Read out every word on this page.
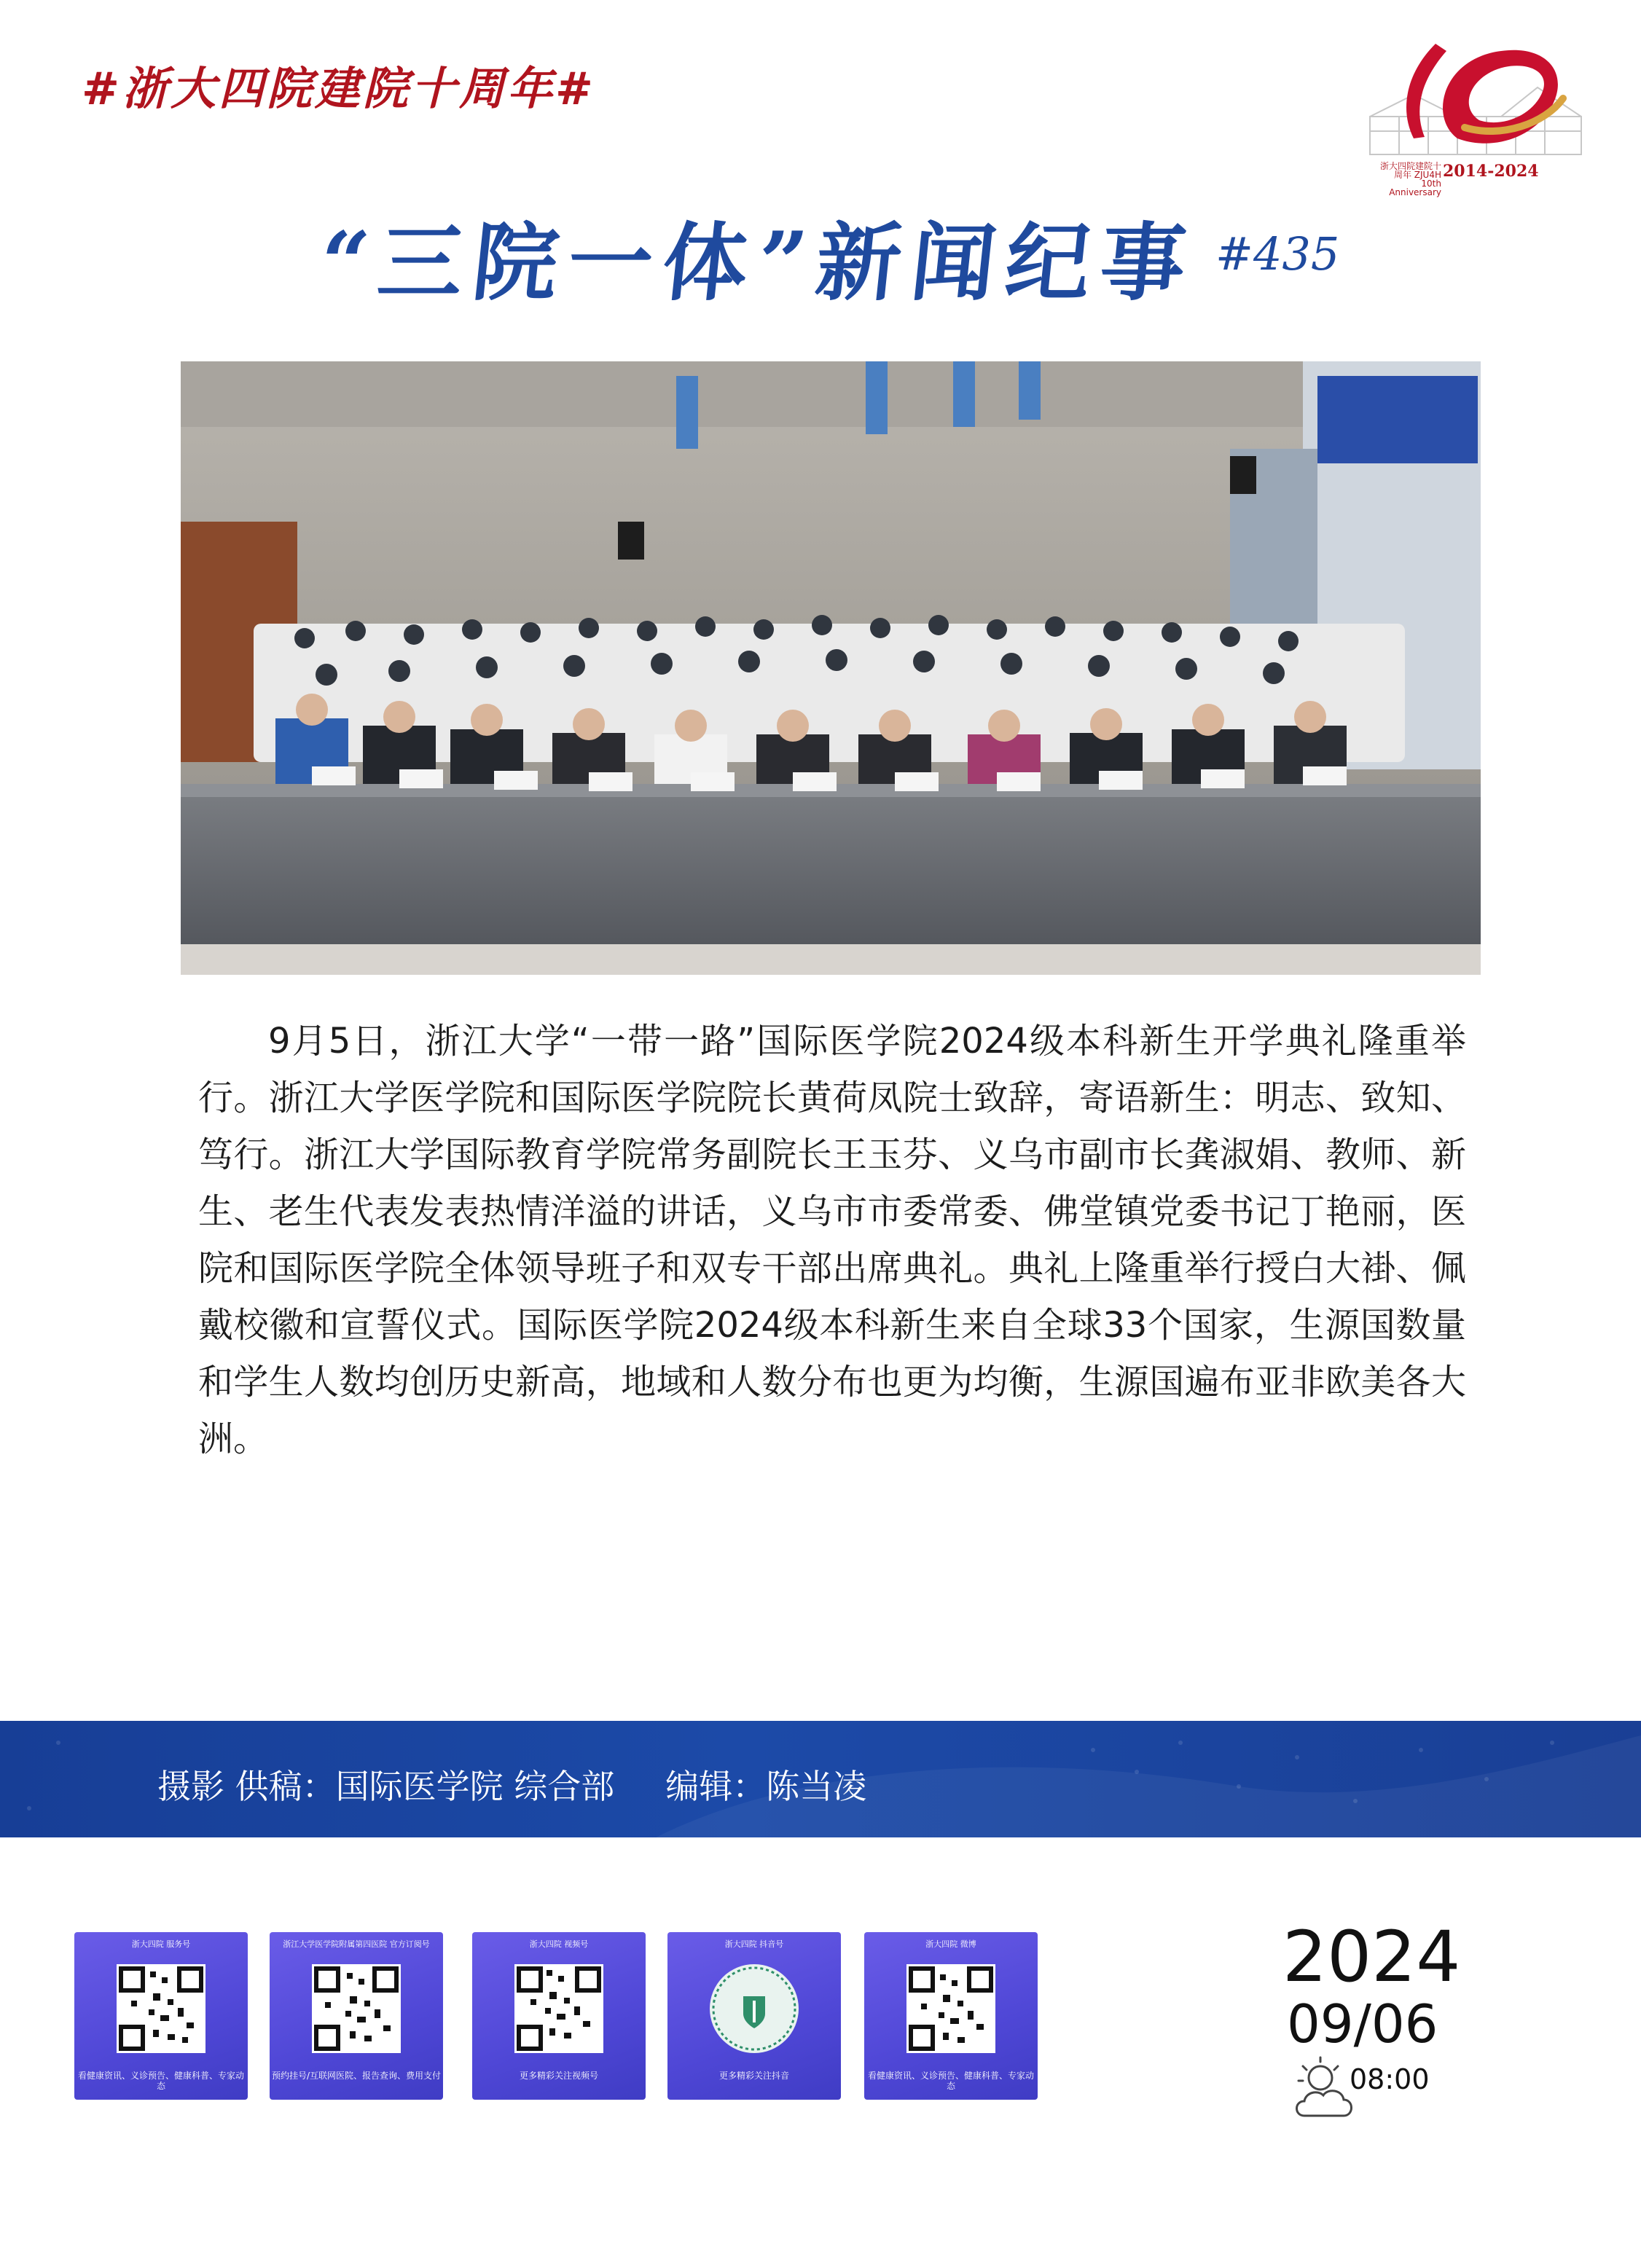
#浙大四院建院十周年#
浙大四院建院十周年 ZJU4H 10th Anniversary
2014-2024
“三院一体”新闻纪事 #435
9月5日，浙江大学“一带一路”国际医学院2024级本科新生开学典礼隆重举行。浙江大学医学院和国际医学院院长黄荷凤院士致辞，寄语新生：明志、致知、笃行。浙江大学国际教育学院常务副院长王玉芬、义乌市副市长龚淑娟、教师、新生、老生代表发表热情洋溢的讲话，义乌市市委常委、佛堂镇党委书记丁艳丽，医院和国际医学院全体领导班子和双专干部出席典礼。典礼上隆重举行授白大褂、佩戴校徽和宣誓仪式。国际医学院2024级本科新生来自全球33个国家，生源国数量和学生人数均创历史新高，地域和人数分布也更为均衡，生源国遍布亚非欧美各大洲。
摄影 供稿：国际医学院 综合部 编辑：陈当凌
浙大四院 服务号
看健康资讯、义诊预告、健康科普、专家动态
浙江大学医学院附属第四医院 官方订阅号
预约挂号/互联网医院、报告查询、费用支付
浙大四院 视频号
更多精彩关注视频号
浙大四院 抖音号
更多精彩关注抖音
浙大四院 微博
看健康资讯、义诊预告、健康科普、专家动态
2024
09/06
08:00
